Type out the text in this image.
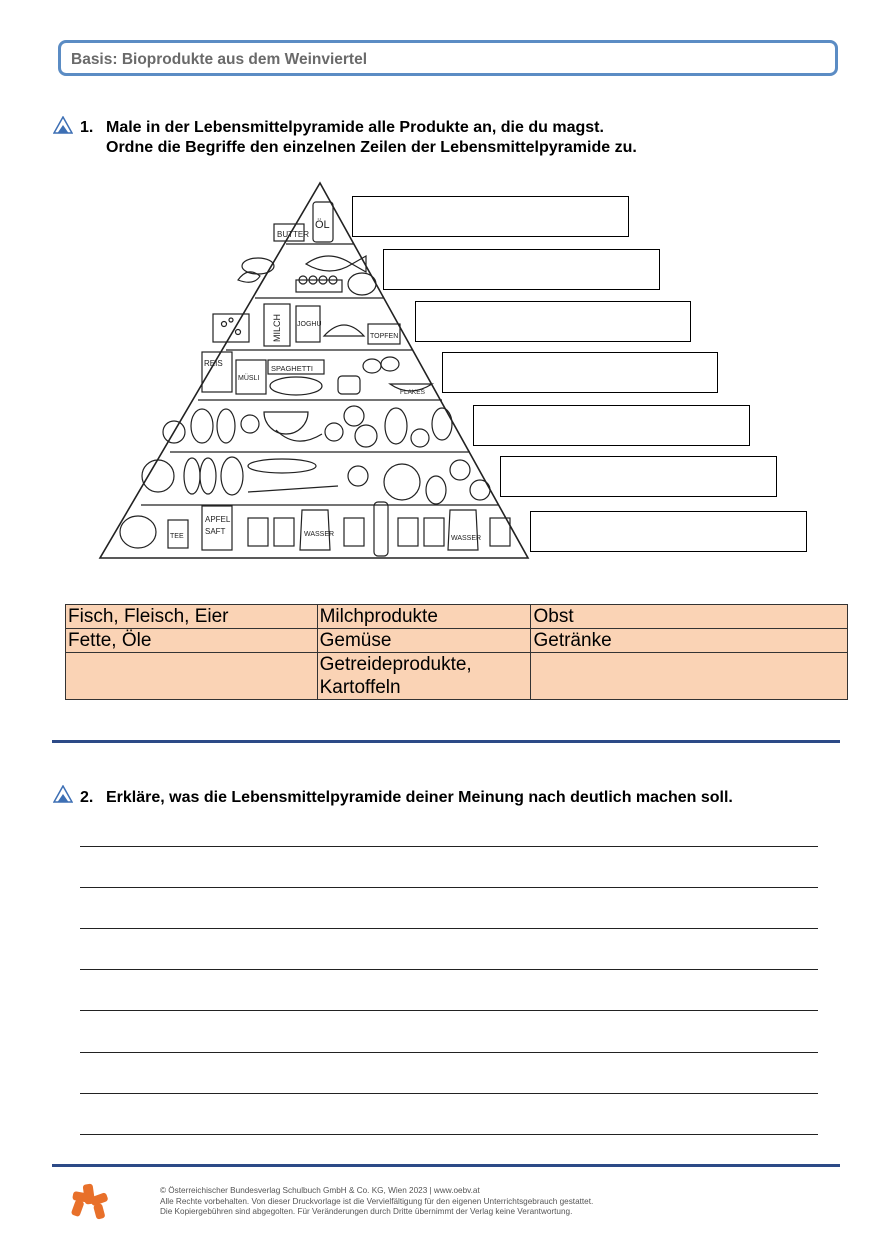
Basis: Bioprodukte aus dem Weinviertel
1. Male in der Lebensmittelpyramide alle Produkte an, die du magst.
Ordne die Begriffe den einzelnen Zeilen der Lebensmittelpyramide zu.
BUTTER
ÖL
MILCH JOGHU
TOPFEN
REIS
MÜSLI
SPAGHETTI
FLAKES
TEE
APFEL
SAFT	WASSER
WASSER
Fisch, Fleisch, Eier	Milchprodukte	Obst
Fette, Öle	Gemüse	Getränke
	Getreideprodukte, Kartoffeln	
2. Erkläre, was die Lebensmittelpyramide deiner Meinung nach deutlich machen soll.
© Österreichischer Bundesverlag Schulbuch GmbH & Co. KG, Wien 2023 | www.oebv.at
Alle Rechte vorbehalten. Von dieser Druckvorlage ist die Vervielfältigung für den eigenen Unterrichtsgebrauch gestattet.
Die Kopiergebühren sind abgegolten. Für Veränderungen durch Dritte übernimmt der Verlag keine Verantwortung.
